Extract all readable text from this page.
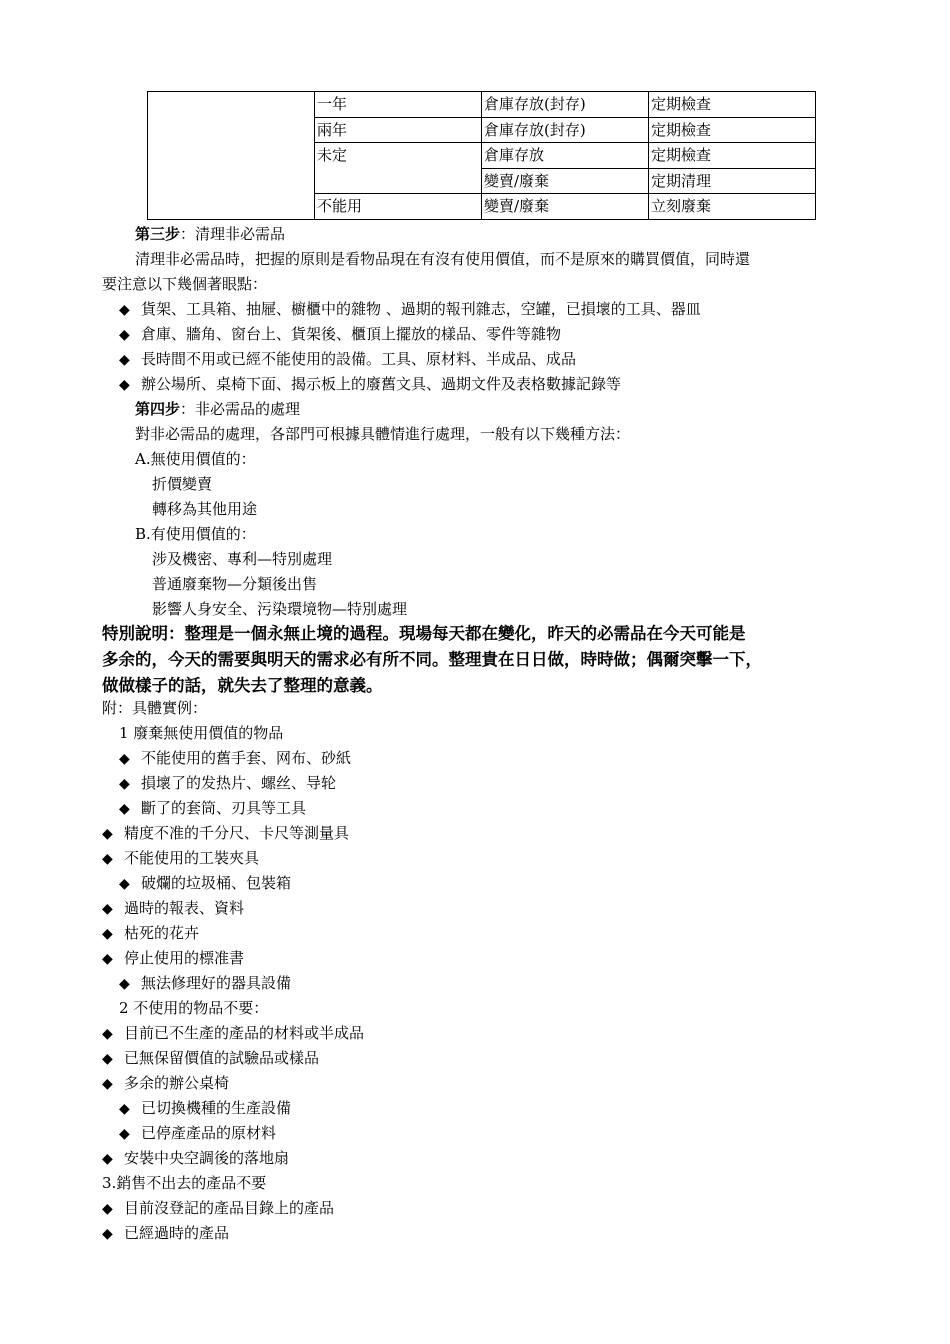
	一年	倉庫存放(封存)	定期檢查
	兩年	倉庫存放(封存)	定期檢查
	未定	倉庫存放	定期檢查
		變賣/廢棄	定期清理
	不能用	變賣/廢棄	立刻廢棄
第三步：清理非必需品
清理非必需品時，把握的原則是看物品現在有沒有使用價值，而不是原來的購買價值，同時還
要注意以下幾個著眼點：
◆ 貨架、工具箱、抽屜、櫥櫃中的雜物 、過期的報刊雜志，空罐，已損壞的工具、器皿
◆ 倉庫、牆角、窗台上、貨架後、櫃頂上擺放的樣品、零件等雜物
◆ 長時間不用或已經不能使用的設備。工具、原材料、半成品、成品
◆ 辦公場所、桌椅下面、揭示板上的廢舊文具、過期文件及表格數據記錄等
第四步：非必需品的處理
對非必需品的處理，各部門可根據具體情進行處理，一般有以下幾種方法：
A.無使用價值的：
折價變賣
轉移為其他用途
B.有使用價值的：
涉及機密、專利—特別處理
普通廢棄物—分類後出售
影響人身安全、污染環境物—特別處理
特別說明：整理是一個永無止境的過程。現場每天都在變化，昨天的必需品在今天可能是
多余的，今天的需要與明天的需求必有所不同。整理貴在日日做，時時做；偶爾突擊一下，
做做樣子的話，就失去了整理的意義。
附：具體實例：
1 廢棄無使用價值的物品
◆ 不能使用的舊手套、网布、砂紙
◆ 損壞了的发热片、螺丝、导轮
◆ 斷了的套筒、刃具等工具
◆ 精度不准的千分尺、卡尺等測量具
◆ 不能使用的工裝夾具
◆ 破爛的垃圾桶、包裝箱
◆ 過時的報表、資料
◆ 枯死的花卉
◆ 停止使用的標准書
◆ 無法修理好的器具設備
2 不使用的物品不要：
◆ 目前已不生產的產品的材料或半成品
◆ 已無保留價值的試驗品或樣品
◆ 多余的辦公桌椅
◆ 已切換機種的生產設備
◆ 已停產產品的原材料
◆ 安裝中央空調後的落地扇
3.銷售不出去的產品不要
◆ 目前沒登記的產品目錄上的產品
◆ 已經過時的產品
